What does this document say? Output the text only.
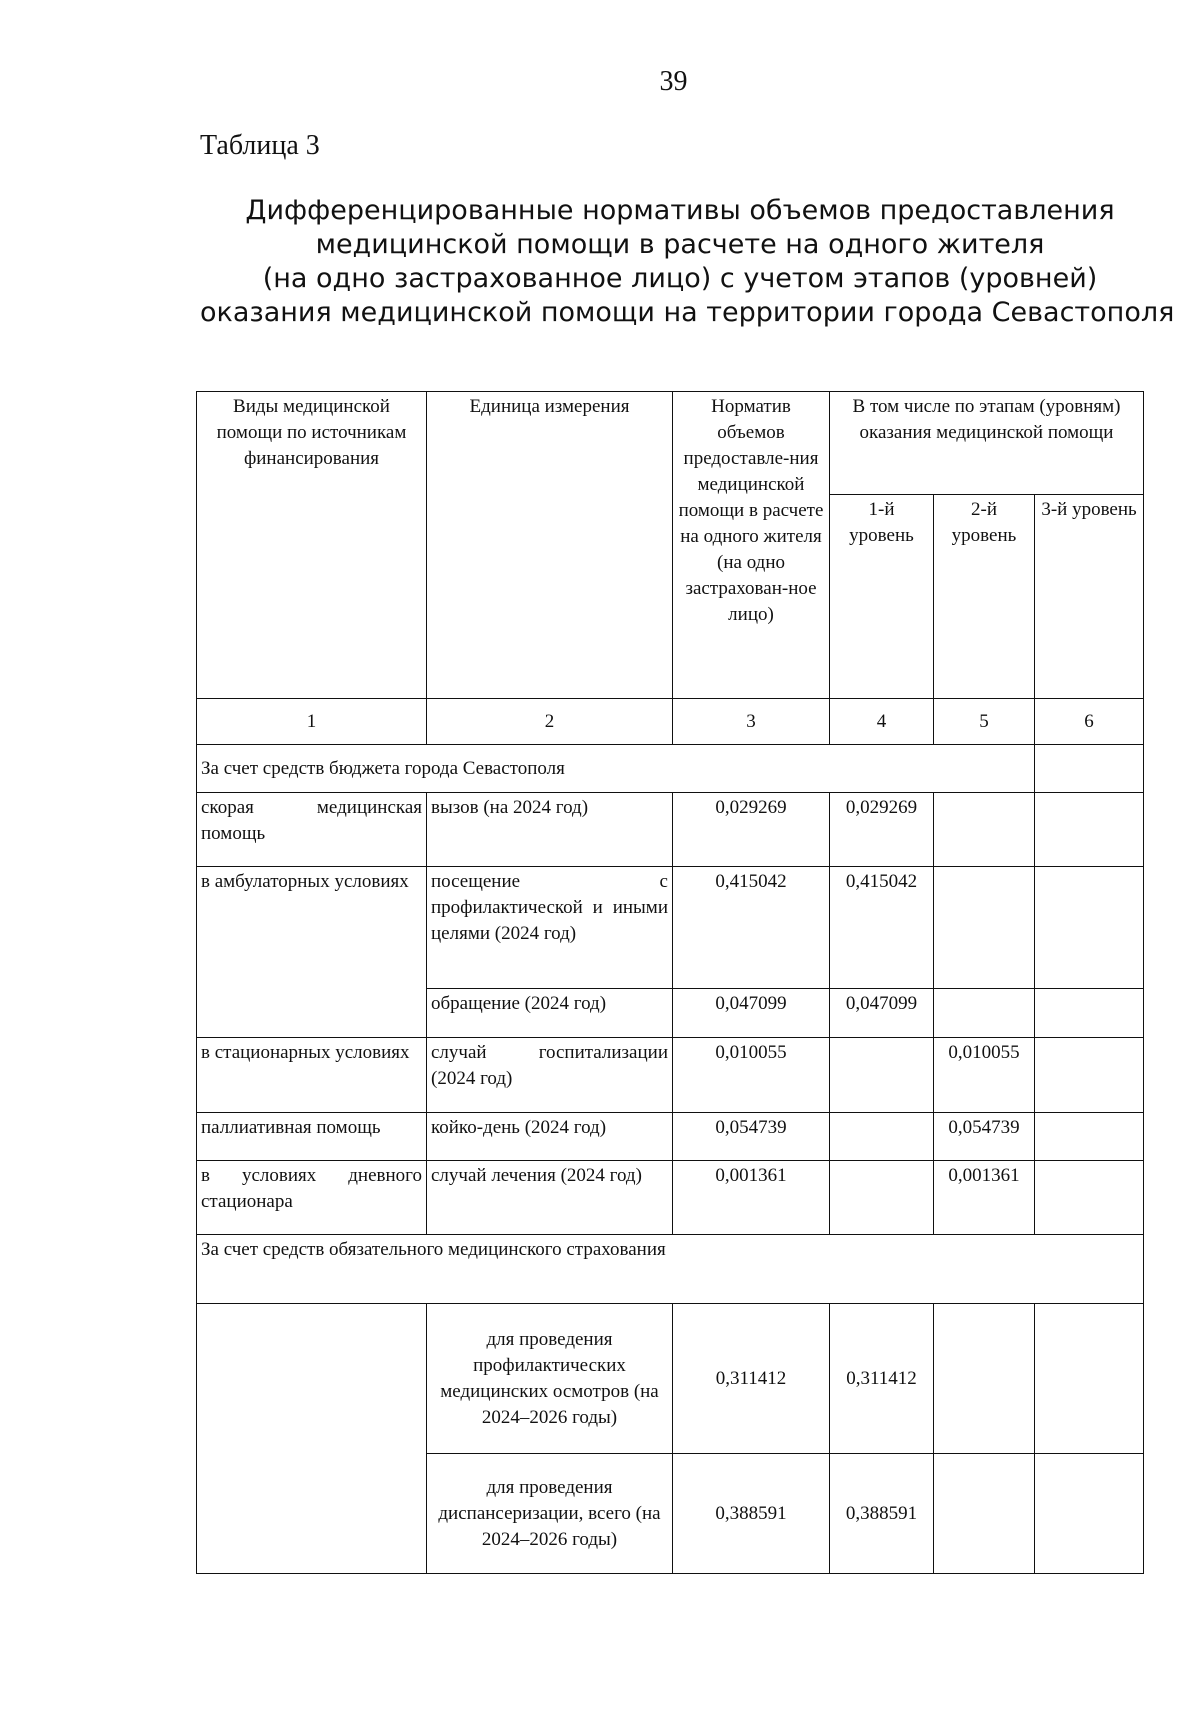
39
Таблица 3
Дифференцированные нормативы объемов предоставления
медицинской помощи в расчете на одного жителя
(на одно застрахованное лицо) с учетом этапов (уровней)
оказания медицинской помощи на территории города Севастополя
Виды медицинской помощи по источникам финансирования	Единица измерения	Норматив объемов предоставле-ния медицинской помощи в расчете на одного жителя (на одно застрахован-ное лицо)	В том числе по этапам (уровням) оказания медицинской помощи		
			1-й уровень	2-й уровень	3-й уровень
1	2	3	4	5	6
За счет средств бюджета города Севастополя					
скорая медицинская помощь	вызов (на 2024 год)	0,029269	0,029269		
в амбулаторных условиях	посещение с профилактической и иными целями (2024 год)	0,415042	0,415042		
	обращение (2024 год)	0,047099	0,047099		
в стационарных условиях	случай госпитализации (2024 год)	0,010055		0,010055	
паллиативная помощь	койко-день (2024 год)	0,054739		0,054739	
в условиях дневного стационара	случай лечения (2024 год)	0,001361		0,001361	
За счет средств обязательного медицинского страхования					
	для проведения профилактических медицинских осмотров (на 2024–2026 годы)	0,311412	0,311412		
	для проведения диспансеризации, всего (на 2024–2026 годы)	0,388591	0,388591		
